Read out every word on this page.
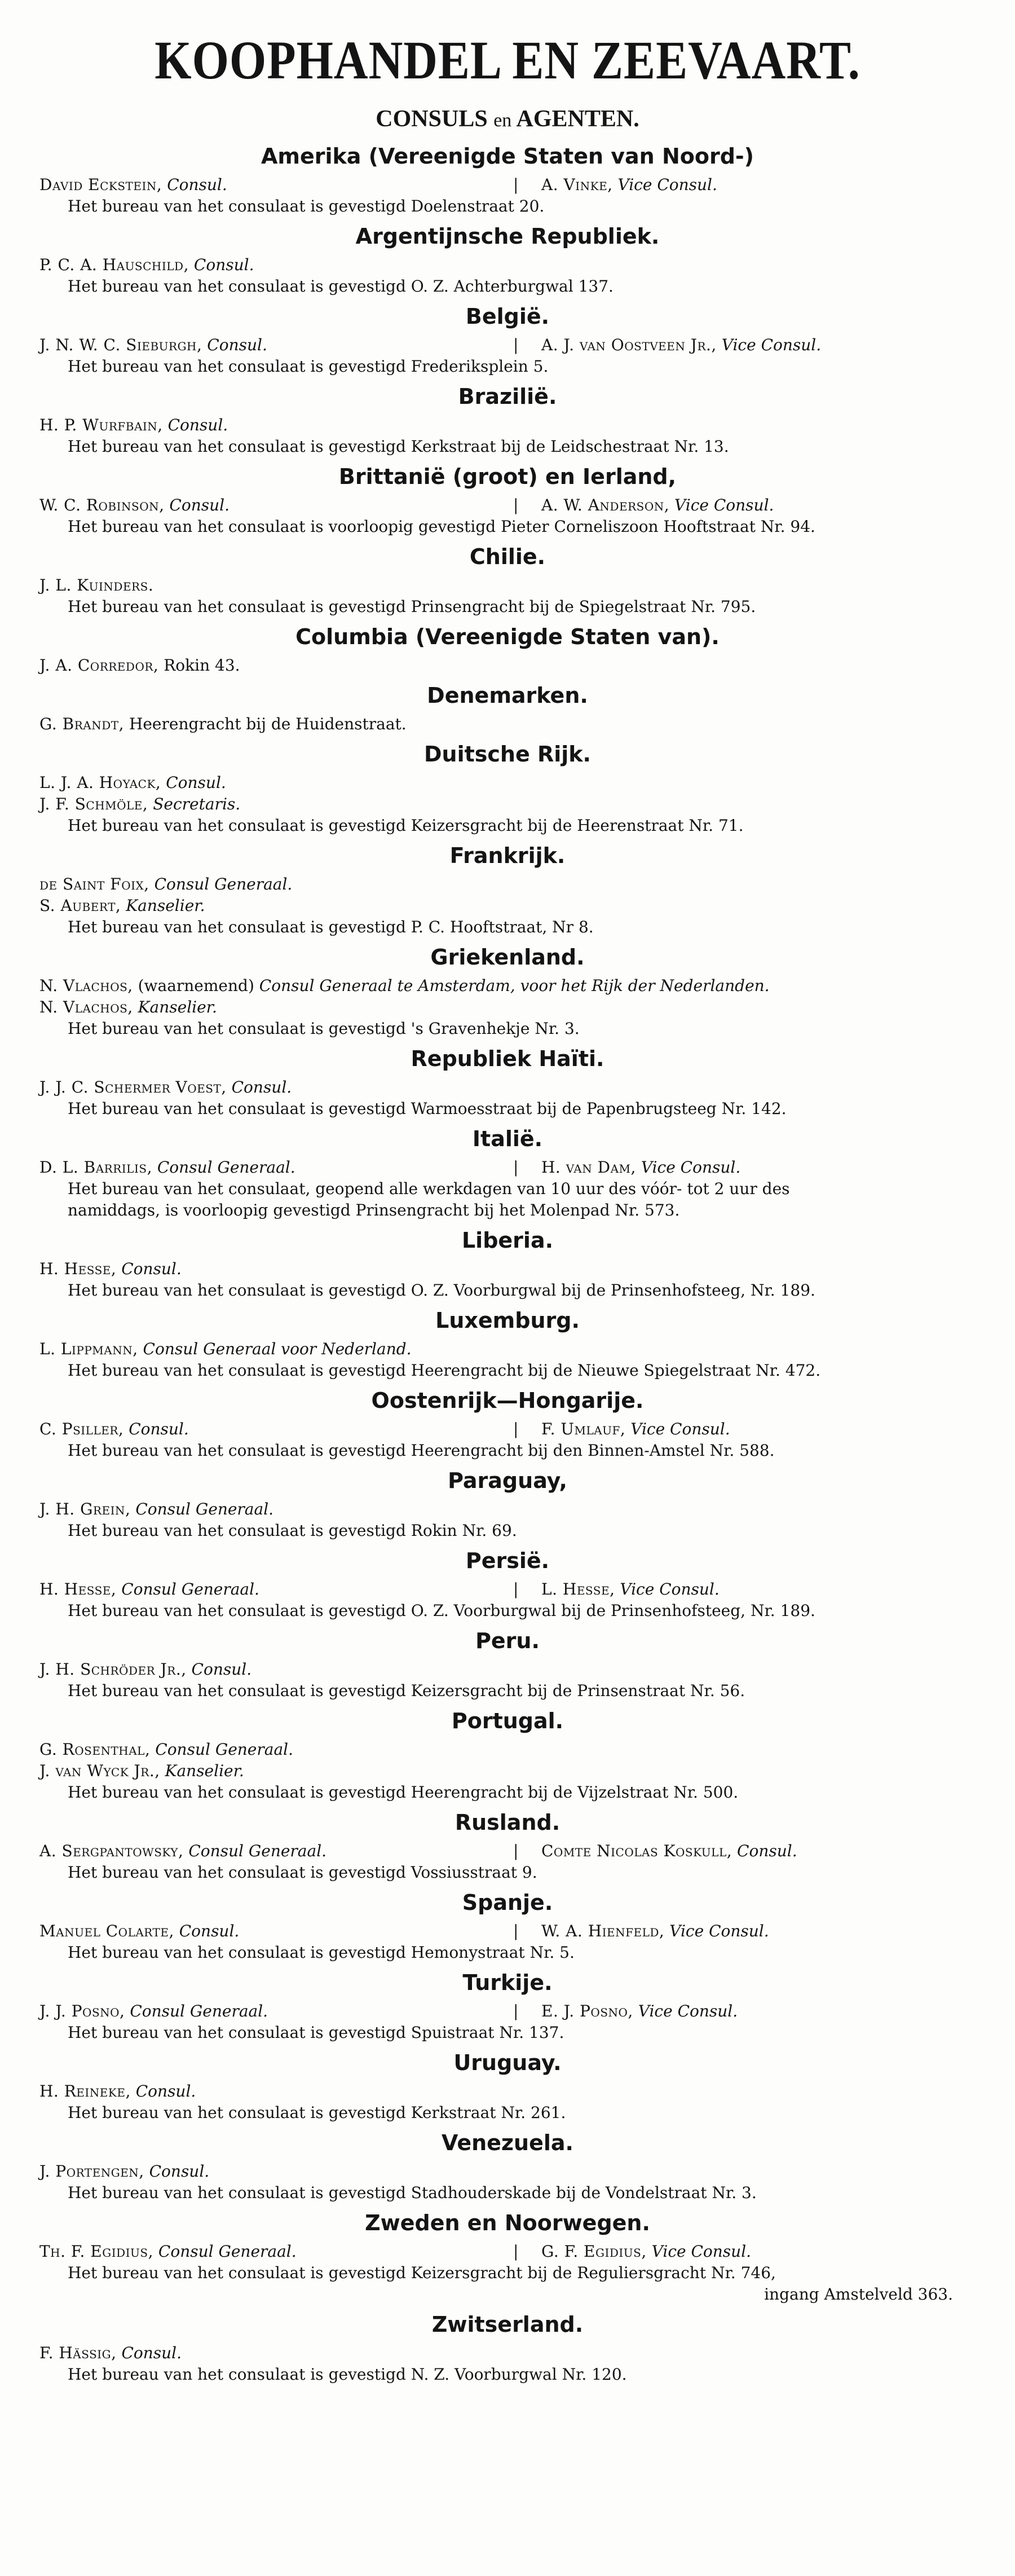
KOOPHANDEL EN ZEEVAART.
CONSULS en AGENTEN.
Amerika (Vereenigde Staten van Noord-)
David Eckstein, Consul.	|	A. Vinke, Vice Consul.
Het bureau van het consulaat is gevestigd Doelenstraat 20.
Argentijnsche Republiek.
P. C. A. Hauschild, Consul.
Het bureau van het consulaat is gevestigd O. Z. Achterburgwal 137.
België.
J. N. W. C. Sieburgh, Consul.	|	A. J. van Oostveen Jr., Vice Consul.
Het bureau van het consulaat is gevestigd Frederiksplein 5.
Brazilië.
H. P. Wurfbain, Consul.
Het bureau van het consulaat is gevestigd Kerkstraat bij de Leidschestraat Nr. 13.
Brittanië (groot) en Ierland,
W. C. Robinson, Consul.	|	A. W. Anderson, Vice Consul.
Het bureau van het consulaat is voorloopig gevestigd Pieter Corneliszoon Hooftstraat Nr. 94.
Chilie.
J. L. Kuinders.
Het bureau van het consulaat is gevestigd Prinsengracht bij de Spiegelstraat Nr. 795.
Columbia (Vereenigde Staten van).
J. A. Corredor, Rokin 43.
Denemarken.
G. Brandt, Heerengracht bij de Huidenstraat.
Duitsche Rijk.
L. J. A. Hoyack, Consul.
J. F. Schmöle, Secretaris.
Het bureau van het consulaat is gevestigd Keizersgracht bij de Heerenstraat Nr. 71.
Frankrijk.
de Saint Foix, Consul Generaal.
S. Aubert, Kanselier.
Het bureau van het consulaat is gevestigd P. C. Hooftstraat, Nr 8.
Griekenland.
N. Vlachos, (waarnemend) Consul Generaal te Amsterdam, voor het Rijk der Nederlanden.
N. Vlachos, Kanselier.
Het bureau van het consulaat is gevestigd 's Gravenhekje Nr. 3.
Republiek Haïti.
J. J. C. Schermer Voest, Consul.
Het bureau van het consulaat is gevestigd Warmoesstraat bij de Papenbrugsteeg Nr. 142.
Italië.
D. L. Barrilis, Consul Generaal.	|	H. van Dam, Vice Consul.
Het bureau van het consulaat, geopend alle werkdagen van 10 uur des vóór- tot 2 uur des
namiddags, is voorloopig gevestigd Prinsengracht bij het Molenpad Nr. 573.
Liberia.
H. Hesse, Consul.
Het bureau van het consulaat is gevestigd O. Z. Voorburgwal bij de Prinsenhofsteeg, Nr. 189.
Luxemburg.
L. Lippmann, Consul Generaal voor Nederland.
Het bureau van het consulaat is gevestigd Heerengracht bij de Nieuwe Spiegelstraat Nr. 472.
Oostenrijk—Hongarije.
C. Psiller, Consul.	|	F. Umlauf, Vice Consul.
Het bureau van het consulaat is gevestigd Heerengracht bij den Binnen-Amstel Nr. 588.
Paraguay,
J. H. Grein, Consul Generaal.
Het bureau van het consulaat is gevestigd Rokin Nr. 69.
Persië.
H. Hesse, Consul Generaal.	|	L. Hesse, Vice Consul.
Het bureau van het consulaat is gevestigd O. Z. Voorburgwal bij de Prinsenhofsteeg, Nr. 189.
Peru.
J. H. Schröder Jr., Consul.
Het bureau van het consulaat is gevestigd Keizersgracht bij de Prinsenstraat Nr. 56.
Portugal.
G. Rosenthal, Consul Generaal.
J. van Wyck Jr., Kanselier.
Het bureau van het consulaat is gevestigd Heerengracht bij de Vijzelstraat Nr. 500.
Rusland.
A. Sergpantowsky, Consul Generaal.	|	Comte Nicolas Koskull, Consul.
Het bureau van het consulaat is gevestigd Vossiusstraat 9.
Spanje.
Manuel Colarte, Consul.	|	W. A. Hienfeld, Vice Consul.
Het bureau van het consulaat is gevestigd Hemonystraat Nr. 5.
Turkije.
J. J. Posno, Consul Generaal.	|	E. J. Posno, Vice Consul.
Het bureau van het consulaat is gevestigd Spuistraat Nr. 137.
Uruguay.
H. Reineke, Consul.
Het bureau van het consulaat is gevestigd Kerkstraat Nr. 261.
Venezuela.
J. Portengen, Consul.
Het bureau van het consulaat is gevestigd Stadhouderskade bij de Vondelstraat Nr. 3.
Zweden en Noorwegen.
Th. F. Egidius, Consul Generaal.	|	G. F. Egidius, Vice Consul.
Het bureau van het consulaat is gevestigd Keizersgracht bij de Reguliersgracht Nr. 746,
ingang Amstelveld 363.
Zwitserland.
F. Hässig, Consul.
Het bureau van het consulaat is gevestigd N. Z. Voorburgwal Nr. 120.
